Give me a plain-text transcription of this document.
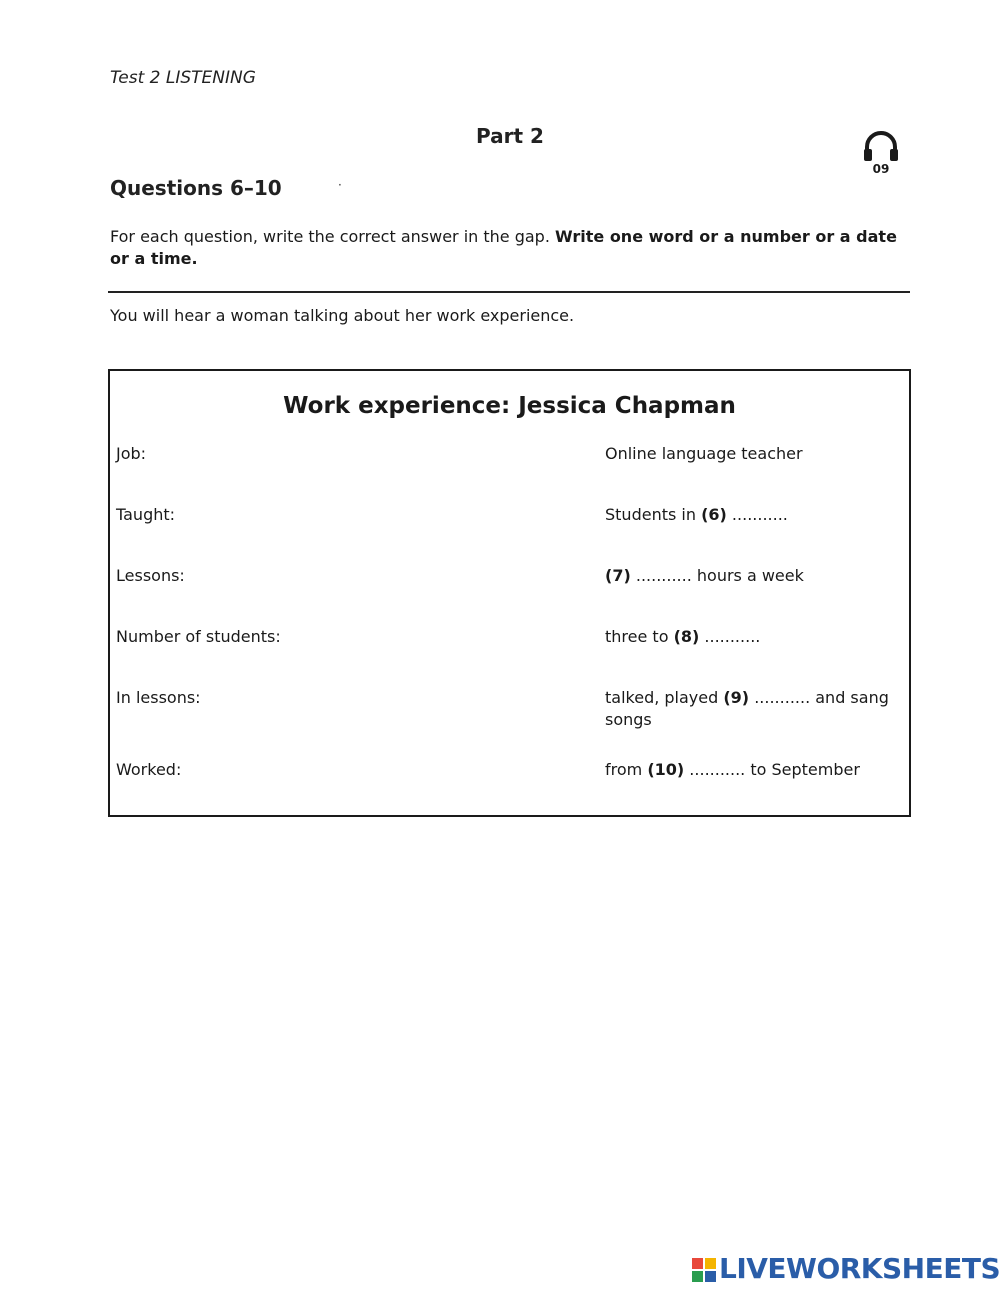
Test 2 LISTENING
Part 2
09
Questions 6–10	·
For each question, write the correct answer in the gap. Write one word or a number or a date or a time.
You will hear a woman talking about her work experience.
Work experience: Jessica Chapman
Job:	Online language teacher
Taught:	Students in (6) ...........
Lessons:	(7) ........... hours a week
Number of students:	three to (8) ...........
In lessons:	talked, played (9) ........... and sang songs
Worked:	from (10) ........... to September
LIVEWORKSHEETS
